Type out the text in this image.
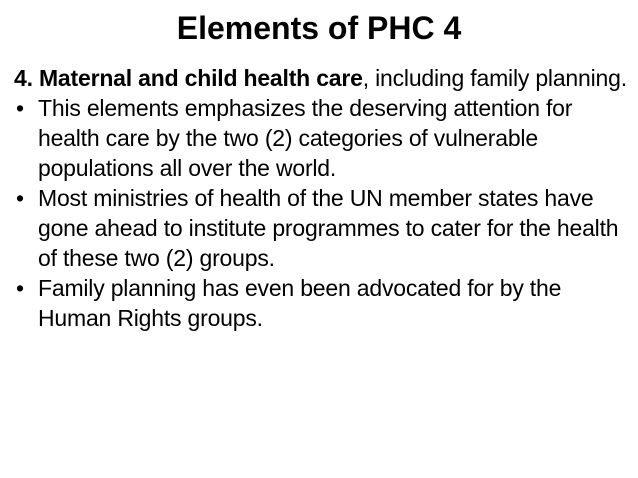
Elements of PHC 4

4. Maternal and child health care, including family planning.

• This elements emphasizes the deserving attention for health care by the two (2) categories of vulnerable populations all over the world.
• Most ministries of health of the UN member states have gone ahead to institute programmes to cater for the health of these two (2) groups.
• Family planning has even been advocated for by the Human Rights groups.
